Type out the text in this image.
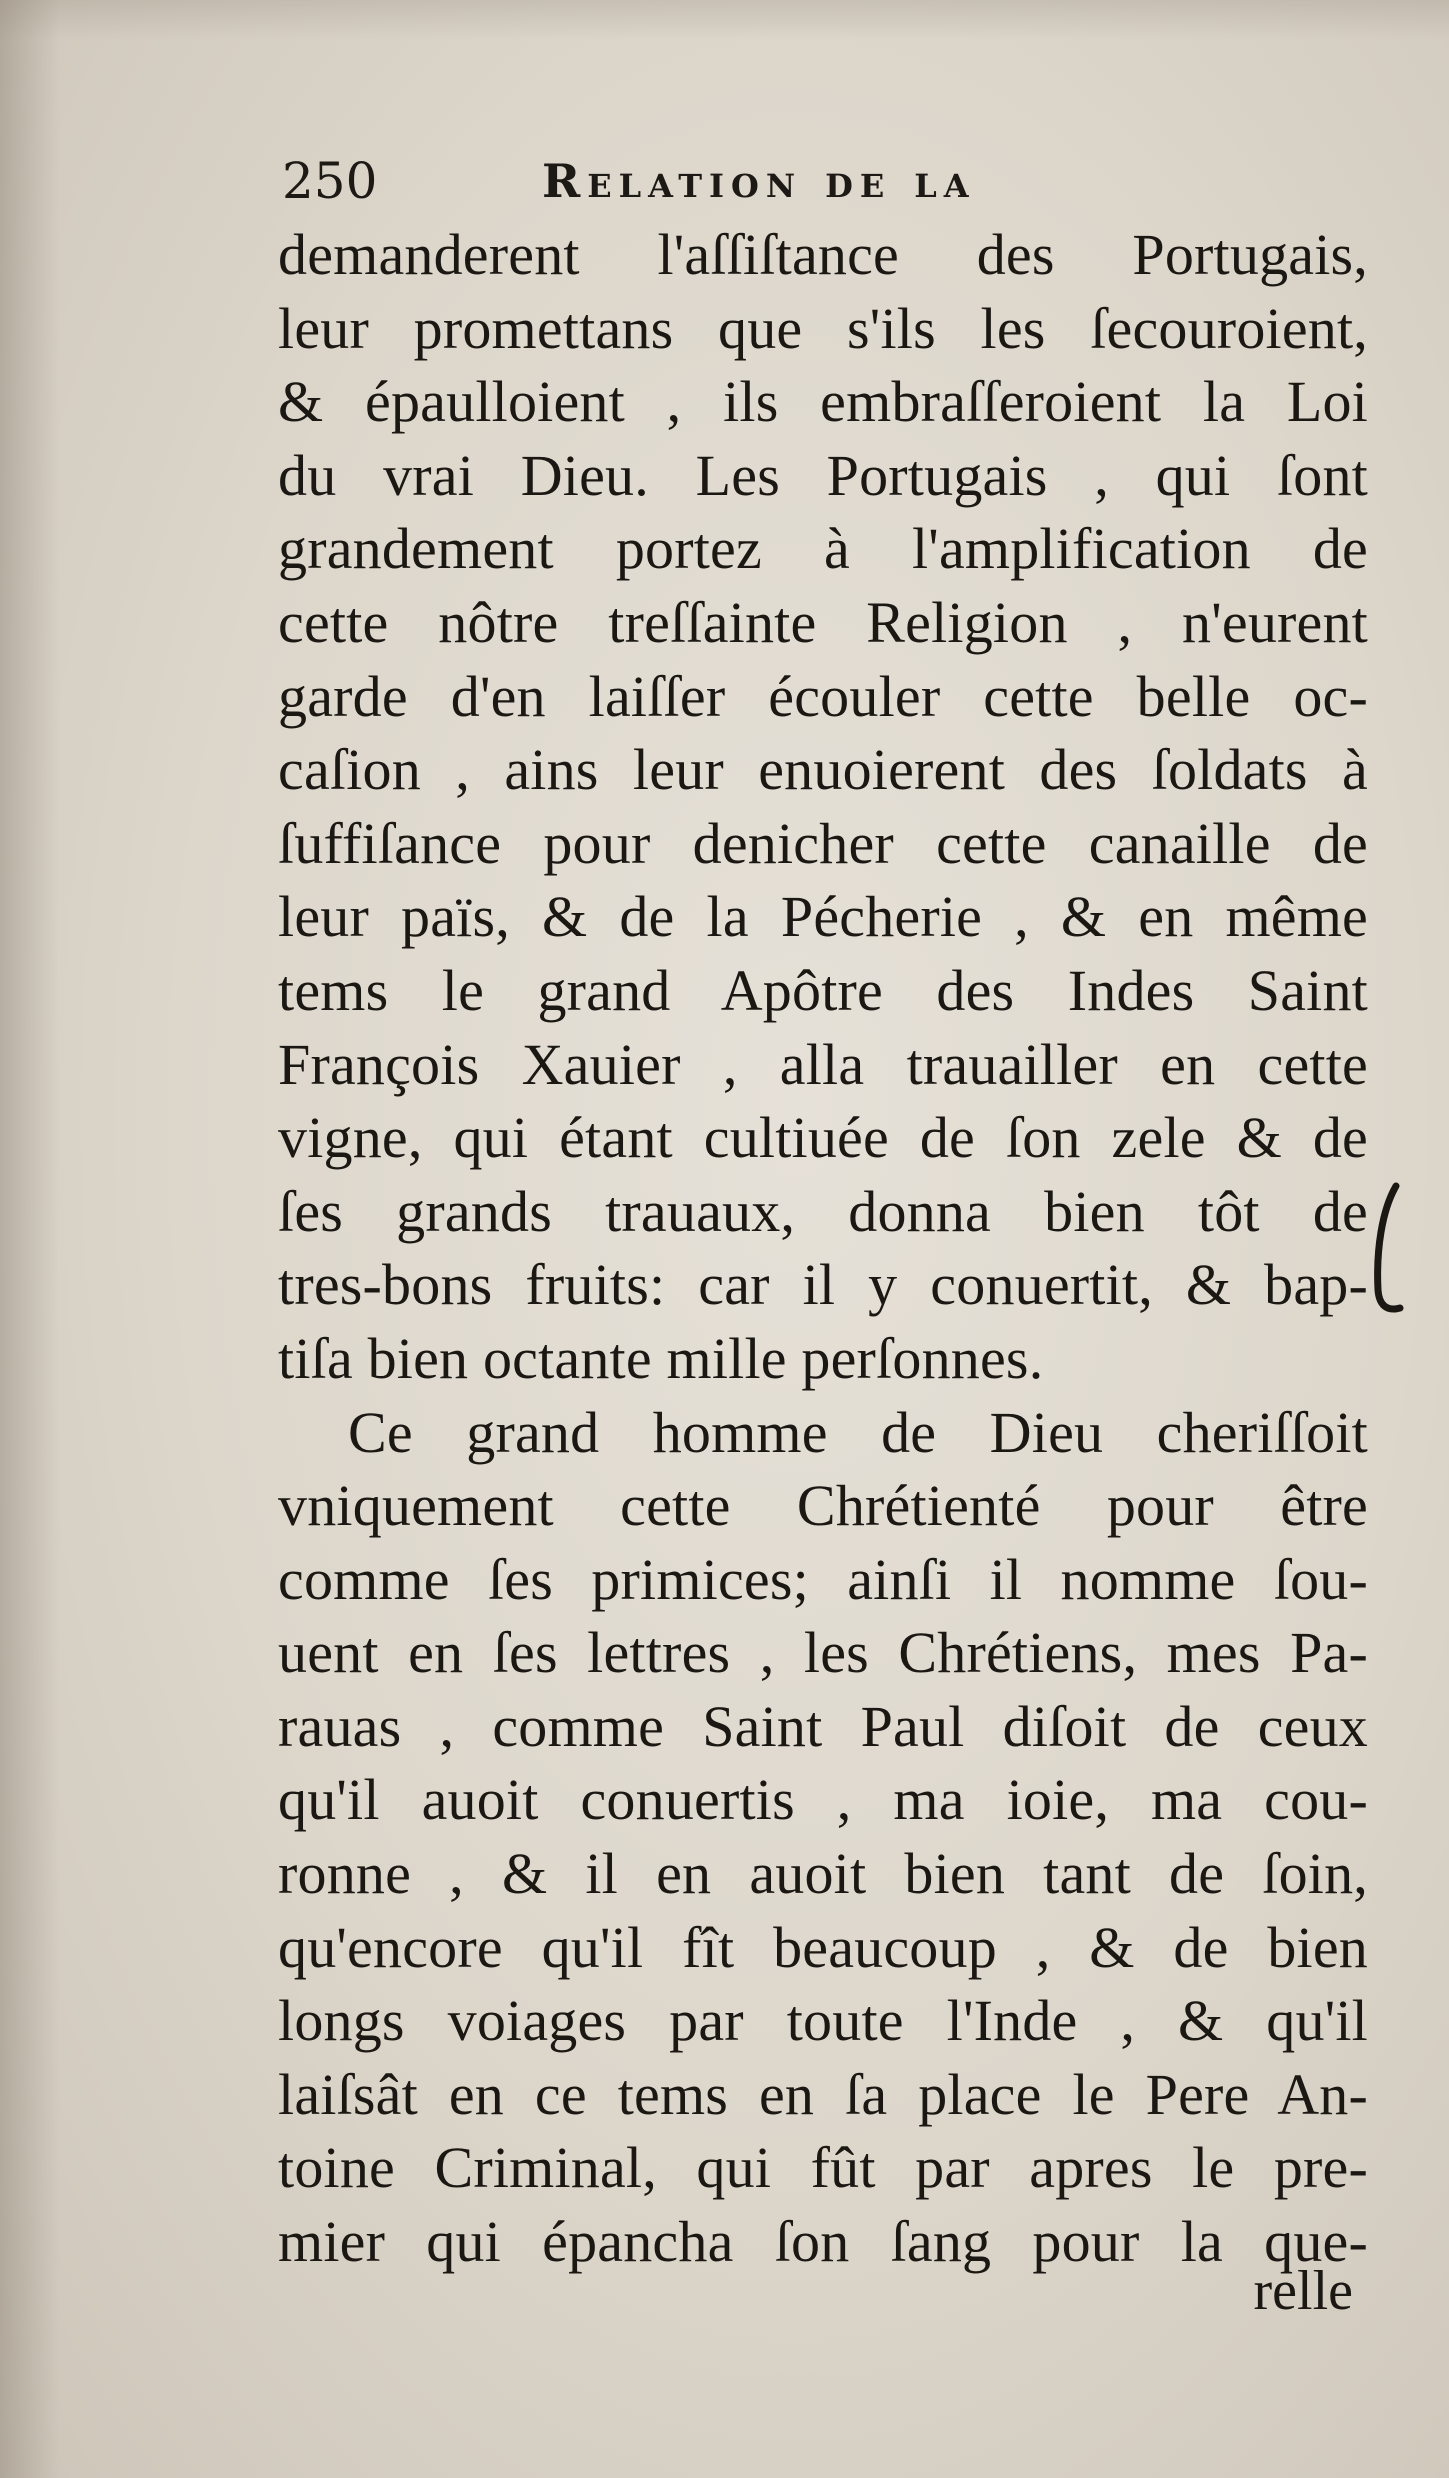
250	Relation de la
demanderent l'aſſiſtance des Portugais,
leur promettans que s'ils les ſecouroient,
& épaulloient , ils embraſſeroient la Loi
du vrai Dieu. Les Portugais , qui ſont
grandement portez à l'amplification de
cette nôtre treſſainte Religion , n'eurent
garde d'en laiſſer écouler cette belle oc-
caſion , ains leur enuoierent des ſoldats à
ſuffiſance pour denicher cette canaille de
leur païs, & de la Pécherie , & en même
tems le grand Apôtre des Indes Saint
François Xauier , alla trauailler en cette
vigne, qui étant cultiuée de ſon zele & de
ſes grands trauaux, donna bien tôt de
tres-bons fruits: car il y conuertit, & bap-
tiſa bien octante mille perſonnes.
Ce grand homme de Dieu cheriſſoit
vniquement cette Chrétienté pour être
comme ſes primices; ainſi il nomme ſou-
uent en ſes lettres , les Chrétiens, mes Pa-
rauas , comme Saint Paul diſoit de ceux
qu'il auoit conuertis , ma ioie, ma cou-
ronne , & il en auoit bien tant de ſoin,
qu'encore qu'il fît beaucoup , & de bien
longs voiages par toute l'Inde , & qu'il
laiſsât en ce tems en ſa place le Pere An-
toine Criminal, qui fût par apres le pre-
mier qui épancha ſon ſang pour la que-
relle
